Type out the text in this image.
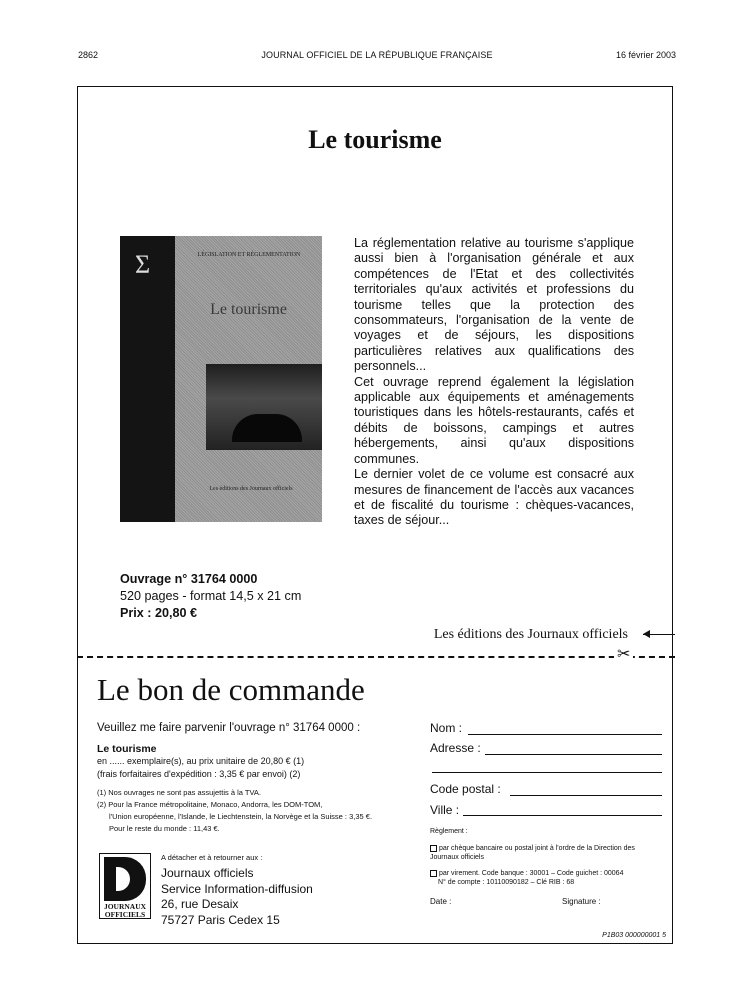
2862	JOURNAL OFFICIEL DE LA RÉPUBLIQUE FRANÇAISE	16 février 2003
Le tourisme
Σ	LÉGISLATION ET RÉGLEMENTATION
Le tourisme
Les éditions des Journaux officiels

La réglementation relative au tourisme s'applique aussi bien à l'organisation générale et aux compétences de l'Etat et des collectivités territoriales qu'aux activités et professions du tourisme telles que la protection des consommateurs, l'organisation de la vente de voyages et de séjours, les dispositions particulières relatives aux qualifications des personnels...

Cet ouvrage reprend également la législation applicable aux équipements et aménagements touristiques dans les hôtels-restaurants, cafés et débits de boissons, campings et autres hébergements, ainsi qu'aux dispositions communes.

Le dernier volet de ce volume est consacré aux mesures de financement de l'accès aux vacances et de fiscalité du tourisme : chèques-vacances, taxes de séjour...

Ouvrage n° 31764 0000
520 pages - format 14,5 x 21 cm
Prix : 20,80 €
Les éditions des Journaux officiels
✂
Le bon de commande
Veuillez me faire parvenir l'ouvrage n° 31764 0000 :
Le tourisme
en ...... exemplaire(s), au prix unitaire de 20,80 € (1)
(frais forfaitaires d'expédition : 3,35 € par envoi) (2)
(1) Nos ouvrages ne sont pas assujettis à la TVA.
(2) Pour la France métropolitaine, Monaco, Andorra, les DOM-TOM,
l'Union européenne, l'Islande, le Liechtenstein, la Norvège et la Suisse : 3,35 €.
Pour le reste du monde : 11,43 €.
JOURNAUX
OFFICIELS
A détacher et à retourner aux :
Journaux officiels
Service Information-diffusion
26, rue Desaix
75727 Paris Cedex 15
Nom :
Adresse :
Code postal :
Ville :
Règlement :
par chèque bancaire ou postal joint à l'ordre de la Direction des Journaux officiels
par virement. Code banque : 30001 – Code guichet : 00064
N° de compte : 10110090182 – Clé RIB : 68
Date :	Signature :
P1B03 000000001 5
